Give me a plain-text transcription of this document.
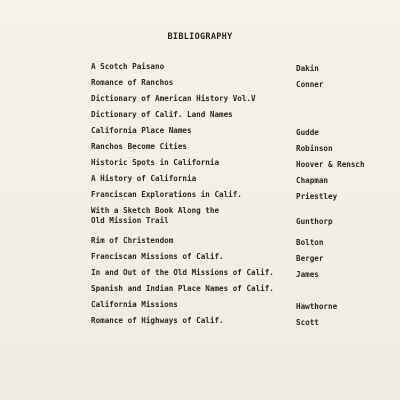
BIBLIOGRAPHY
A Scotch Paisano	Dakin
Romance of Ranchos	Conner
Dictionary of American History Vol.V
Dictionary of Calif. Land Names
California Place Names	Gudde
Ranchos Become Cities	Robinson
Historic Spots in California	Hoover & Rensch
A History of California	Chapman
Franciscan Explorations in Calif.	Priestley
With a Sketch Book Along the
Old Mission Trail	Gunthorp
Rim of Christendom	Bolton
Franciscan Missions of Calif.	Berger
In and Out of the Old Missions of Calif.	James
Spanish and Indian Place Names of Calif.
California Missions	Hawthorne
Romance of Highways of Calif.	Scott
